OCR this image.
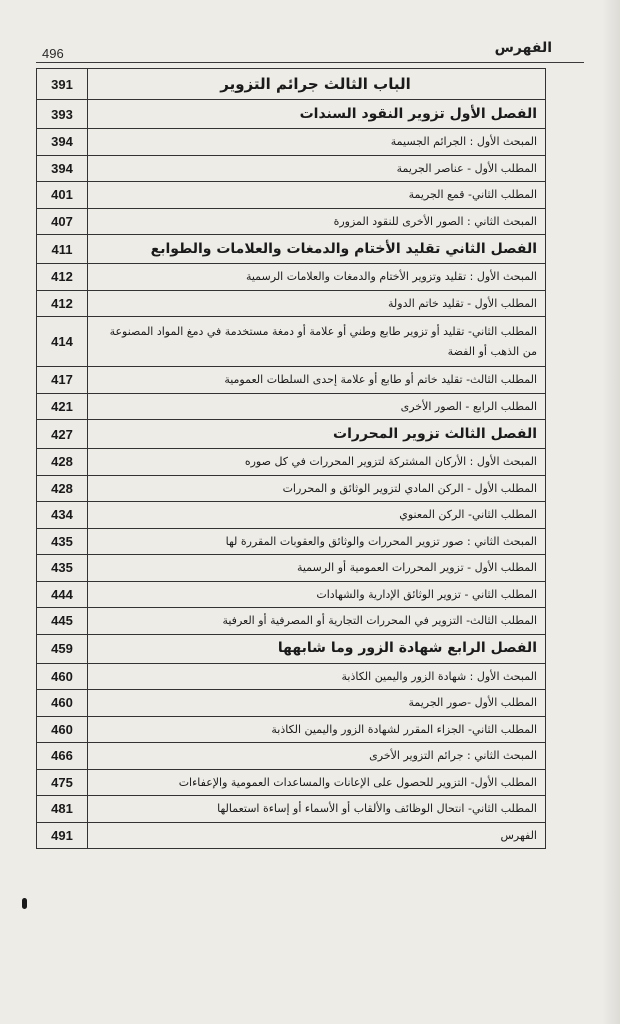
496	الفهرس
391	الباب الثالث جرائم التزوير
393	الفصل الأول تزوير النقود السندات
394	المبحث الأول : الجرائم الجسيمة
394	المطلب الأول - عناصر الجريمة
401	المطلب الثاني- قمع الجريمة
407	المبحث الثاني : الصور الأخرى للنقود المزورة
411	الفصل الثاني تقليد الأختام والدمغات والعلامات والطوابع
412	المبحث الأول : تقليد وتزوير الأختام والدمغات والعلامات الرسمية
412	المطلب الأول - تقليد خاتم الدولة
414	المطلب الثاني- تقليد أو تزوير طابع وطني أو علامة أو دمغة مستخدمة في دمغ المواد المصنوعة من الذهب أو الفضة
417	المطلب الثالث- تقليد خاتم أو طابع أو علامة إحدى السلطات العمومية
421	المطلب الرابع - الصور الأخرى
427	الفصل الثالث تزوير المحررات
428	المبحث الأول : الأركان المشتركة لتزوير المحررات في كل صوره
428	المطلب الأول - الركن المادي لتزوير الوثائق و المحررات
434	المطلب الثاني- الركن المعنوي
435	المبحث الثاني : صور تزوير المحررات والوثائق والعقوبات المقررة لها
435	المطلب الأول - تزوير المحررات العمومية أو الرسمية
444	المطلب الثاني - تزوير الوثائق الإدارية والشهادات
445	المطلب الثالث- التزوير في المحررات التجارية أو المصرفية أو العرفية
459	الفصل الرابع شهادة الزور وما شابهها
460	المبحث الأول : شهادة الزور واليمين الكاذبة
460	المطلب الأول -صور الجريمة
460	المطلب الثاني- الجزاء المقرر لشهادة الزور واليمين الكاذبة
466	المبحث الثاني : جرائم التزوير الأخرى
475	المطلب الأول- التزوير للحصول على الإعانات والمساعدات العمومية والإعفاءات
481	المطلب الثاني- انتحال الوظائف والألقاب أو الأسماء أو إساءة استعمالها
491	الفهرس
